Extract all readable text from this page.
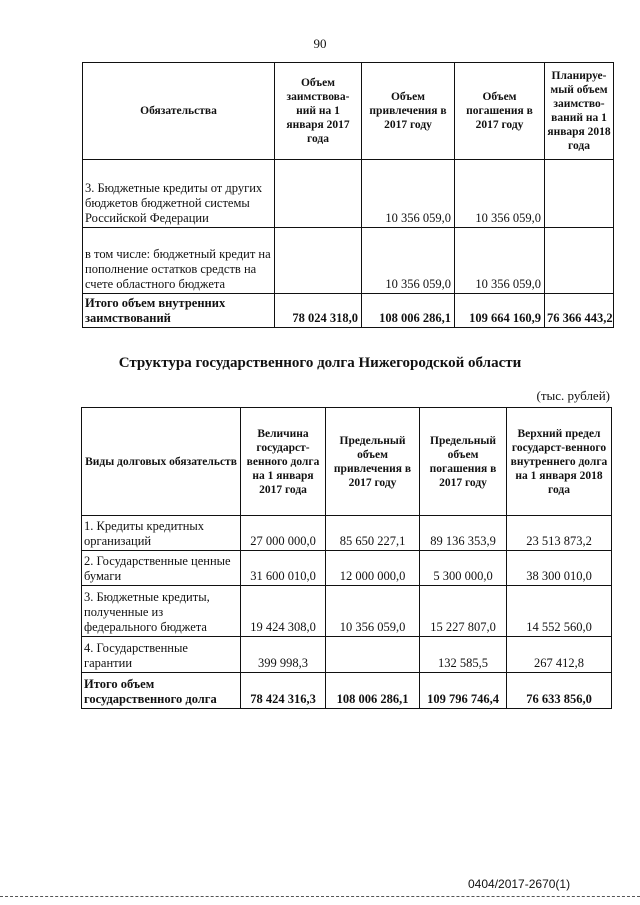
90
Обязательства	Объем заимствова-ний на 1 января 2017 года	Объем привлечения в 2017 году	Объем погашения в 2017 году	Планируе-мый объем заимство-ваний на 1 января 2018 года
3. Бюджетные кредиты от других бюджетов бюджетной системы Российской Федерации		10 356 059,0	10 356 059,0	
в том числе: бюджетный кредит на пополнение остатков средств на счете областного бюджета		10 356 059,0	10 356 059,0	
Итого объем внутренних заимствований	78 024 318,0	108 006 286,1	109 664 160,9	76 366 443,2
Структура государственного долга Нижегородской области
(тыс. рублей)
Виды долговых обязательств	Величина государст-венного долга на 1 января 2017 года	Предельный объем привлечения в 2017 году	Предельный объем погашения в 2017 году	Верхний предел государст-венного внутреннего долга на 1 января 2018 года
1. Кредиты кредитных организаций	27 000 000,0	85 650 227,1	89 136 353,9	23 513 873,2
2. Государственные ценные бумаги	31 600 010,0	12 000 000,0	5 300 000,0	38 300 010,0
3. Бюджетные кредиты, полученные из федерального бюджета	19 424 308,0	10 356 059,0	15 227 807,0	14 552 560,0
4. Государственные гарантии	399 998,3		132 585,5	267 412,8
Итого объем государственного долга	78 424 316,3	108 006 286,1	109 796 746,4	76 633 856,0
0404/2017-2670(1)
